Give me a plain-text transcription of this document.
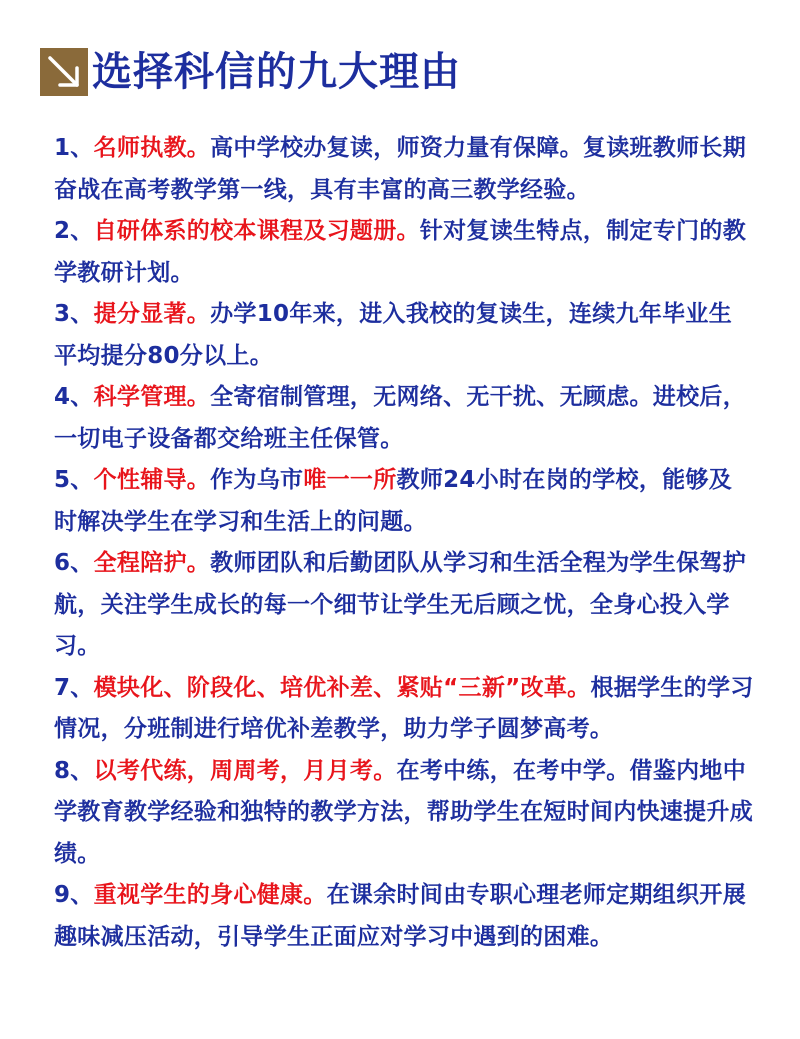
选择科信的九大理由

1、名师执教。高中学校办复读，师资力量有保障。复读班教师长期奋战在高考教学第一线，具有丰富的高三教学经验。

2、自研体系的校本课程及习题册。针对复读生特点，制定专门的教学教研计划。

3、提分显著。办学10年来，进入我校的复读生，连续九年毕业生平均提分80分以上。

4、科学管理。全寄宿制管理，无网络、无干扰、无顾虑。进校后，一切电子设备都交给班主任保管。

5、个性辅导。作为乌市唯一一所教师24小时在岗的学校，能够及时解决学生在学习和生活上的问题。

6、全程陪护。教师团队和后勤团队从学习和生活全程为学生保驾护航，关注学生成长的每一个细节让学生无后顾之忧，全身心投入学习。

7、模块化、阶段化、培优补差、紧贴“三新”改革。根据学生的学习情况，分班制进行培优补差教学，助力学子圆梦高考。

8、以考代练，周周考，月月考。在考中练，在考中学。借鉴内地中学教育教学经验和独特的教学方法，帮助学生在短时间内快速提升成绩。

9、重视学生的身心健康。在课余时间由专职心理老师定期组织开展趣味减压活动，引导学生正面应对学习中遇到的困难。
